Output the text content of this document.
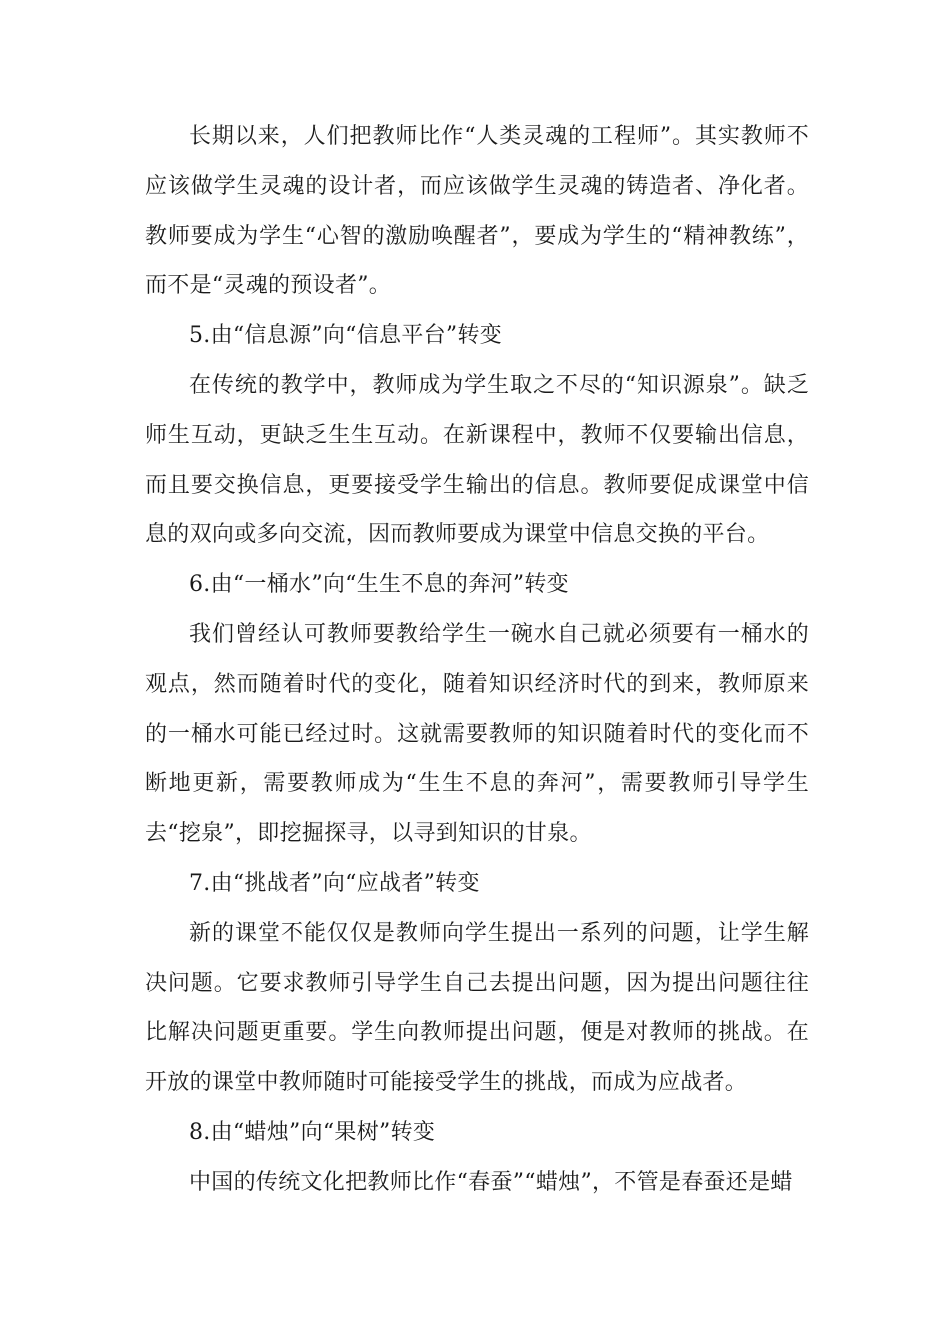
长期以来，人们把教师比作“人类灵魂的工程师”。其实教师不应该做学生灵魂的设计者，而应该做学生灵魂的铸造者、净化者。教师要成为学生“心智的激励唤醒者”，要成为学生的“精神教练”，而不是“灵魂的预设者”。

5.由“信息源”向“信息平台”转变

在传统的教学中，教师成为学生取之不尽的“知识源泉”。缺乏师生互动，更缺乏生生互动。在新课程中，教师不仅要输出信息，而且要交换信息，更要接受学生输出的信息。教师要促成课堂中信息的双向或多向交流，因而教师要成为课堂中信息交换的平台。

6.由“一桶水”向“生生不息的奔河”转变

我们曾经认可教师要教给学生一碗水自己就必须要有一桶水的观点，然而随着时代的变化，随着知识经济时代的到来，教师原来的一桶水可能已经过时。这就需要教师的知识随着时代的变化而不断地更新，需要教师成为“生生不息的奔河”，需要教师引导学生去“挖泉”，即挖掘探寻，以寻到知识的甘泉。

7.由“挑战者”向“应战者”转变

新的课堂不能仅仅是教师向学生提出一系列的问题，让学生解决问题。它要求教师引导学生自己去提出问题，因为提出问题往往比解决问题更重要。学生向教师提出问题，便是对教师的挑战。在开放的课堂中教师随时可能接受学生的挑战，而成为应战者。

8.由“蜡烛”向“果树”转变

中国的传统文化把教师比作“春蚕”“蜡烛”，不管是春蚕还是蜡
